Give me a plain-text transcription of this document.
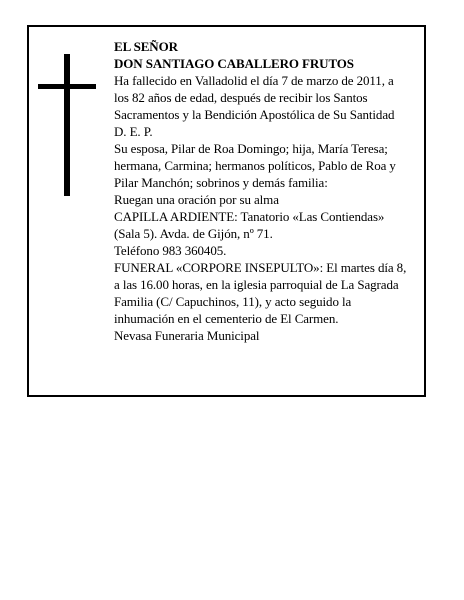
EL SEÑOR
DON SANTIAGO CABALLERO FRUTOS
Ha fallecido en Valladolid el día 7 de marzo de 2011, a
los 82 años de edad, después de recibir los Santos
Sacramentos y la Bendición Apostólica de Su Santidad
D. E. P.
Su esposa, Pilar de Roa Domingo; hija, María Teresa;
hermana, Carmina; hermanos políticos, Pablo de Roa y
Pilar Manchón; sobrinos y demás familia:
Ruegan una oración por su alma
CAPILLA ARDIENTE: Tanatorio «Las Contiendas»
(Sala 5). Avda. de Gijón, nº 71.
Teléfono 983 360405.
FUNERAL «CORPORE INSEPULTO»: El martes día 8,
a las 16.00 horas, en la iglesia parroquial de La Sagrada
Familia (C/ Capuchinos, 11), y acto seguido la
inhumación en el cementerio de El Carmen.
Nevasa Funeraria Municipal
